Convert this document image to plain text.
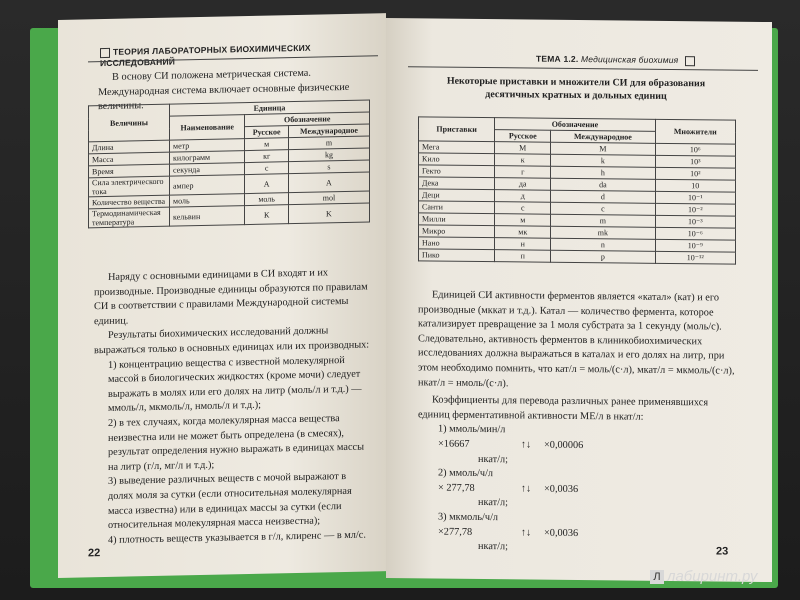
ТЕОРИЯ ЛАБОРАТОРНЫХ БИОХИМИЧЕСКИХ ИССЛЕДОВАНИЙ

В основу СИ положена метрическая система. Международная система включает основные физические величины.

Величины	Единица		
	Наименование	Обозначение	
		Русское	Международное
Длина	метр	м	m
Масса	килограмм	кг	kg
Время	секунда	с	s
Сила электрического тока	ампер	А	A
Количество вещества	моль	моль	mol
Термодинамическая температура	кельвин	К	K

Наряду с основными единицами в СИ входят и их производные. Производные единицы образуются по правилам СИ в соответствии с правилами Международной системы единиц.

Результаты биохимических исследований должны выражаться только в основных единицах или их производных:

1) концентрацию вещества с известной молекулярной массой в биологических жидкостях (кроме мочи) следует выражать в молях или его долях на литр (моль/л и т.д.) — ммоль/л, мкмоль/л, нмоль/л и т.д.);

2) в тех случаях, когда молекулярная масса вещества неизвестна или не может быть определена (в смесях), результат определения нужно выражать в единицах массы на литр (г/л, мг/л и т.д.);

3) выведение различных веществ с мочой выражают в долях моля за сутки (если относительная молекулярная масса известна) или в единицах массы за сутки (если относительная молекулярная масса неизвестна);

4) плотность веществ указывается в г/л, клиренс — в мл/с.

22
ТЕМА 1.2. Медицинская биохимия

Некоторые приставки и множители СИ для образования десятичных кратных и дольных единиц

Приставки	Обозначение		Множители
	Русское	Международное	
Мега	М	M	10⁶
Кило	к	k	10³
Гекто	г	h	10²
Дека	да	da	10
Деци	д	d	10⁻¹
Санти	с	c	10⁻²
Милли	м	m	10⁻³
Микро	мк	mk	10⁻⁶
Нано	н	n	10⁻⁹
Пико	п	p	10⁻¹²

Единицей СИ активности ферментов является «катал» (кат) и его производные (мккат и т.д.). Катал — количество фермента, которое катализирует превращение за 1 моля субстрата за 1 секунду (моль/с). Следовательно, активность ферментов в клиникобиохимических исследованиях должна выражаться в каталах и его долях на литр, при этом необходимо помнить, что кат/л = моль/(с·л), мкат/л = мкмоль/(с·л), нкат/л = нмоль/(с·л).

Коэффициенты для перевода различных ранее применявшихся единиц ферментативной активности МЕ/л в нкат/л:

1) ммоль/мин/л
×16667	↑↓ ×0,00006
нкат/л;
2) ммоль/ч/л
× 277,78	↑↓ ×0,0036
нкат/л;
3) мкмоль/ч/л
×277,78	↑↓ ×0,0036
нкат/л;	23
Л лабиринт.ру
